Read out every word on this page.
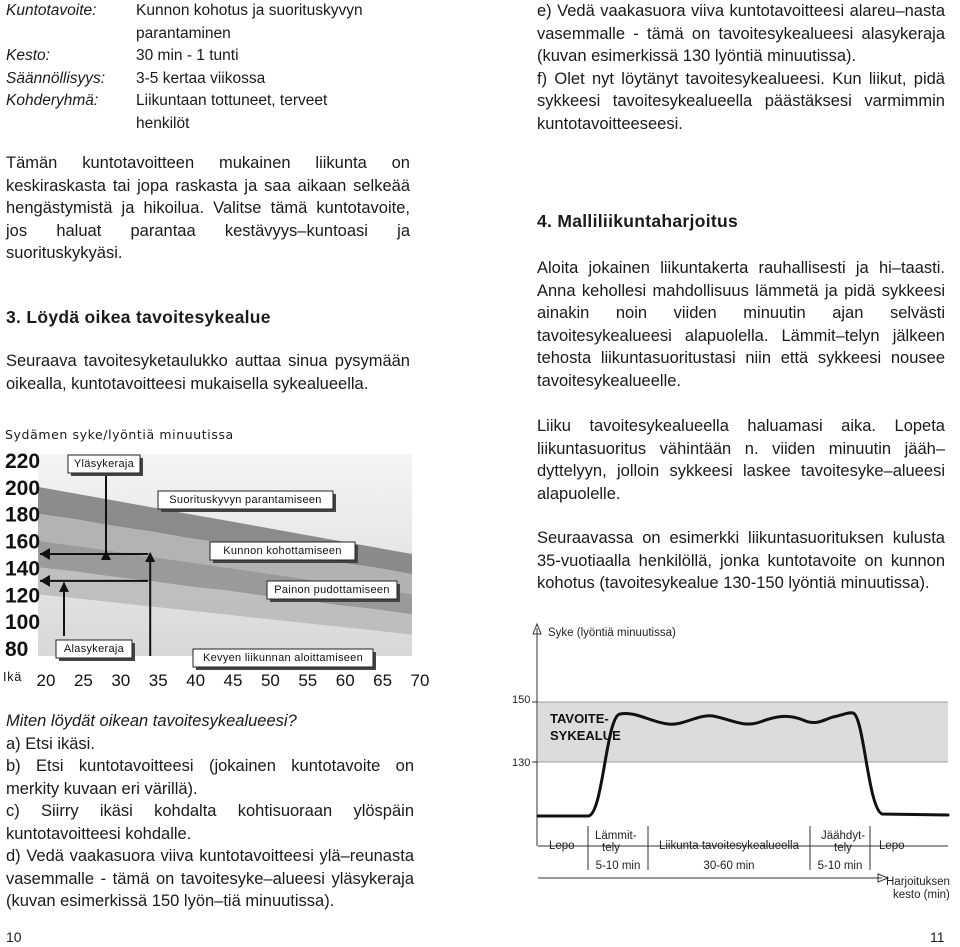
Kuntotavoite:	Kunnon kohotus ja suorituskyvyn
parantaminen
Kesto:	30 min - 1 tunti
Säännöllisyys: 3-5 kertaa viikossa
Kohderyhmä: Liikuntaan tottuneet, terveet
henkilöt

Tämän kuntotavoitteen mukainen liikunta on keskiraskasta tai jopa raskasta ja saa aikaan selkeää hengästymistä ja hikoilua. Valitse tämä kuntotavoite, jos haluat parantaa kestävyys–kuntoasi ja suorituskykyäsi.

3. Löydä oikea tavoitesykealue

Seuraava tavoitesyketaulukko auttaa sinua pysymään oikealla, kuntotavoitteesi mukaisella sykealueella.

Sydämen syke/lyöntiä minuutissa
220
200
180
160
140
120
100
80
Ikä 20 25 30 35 40 45 50 55 60 65 70
Yläsykeraja
Suorituskyvyn parantamiseen
Kunnon kohottamiseen
Painon pudottamiseen
Alasykeraja
Kevyen liikunnan aloittamiseen

Miten löydät oikean tavoitesykealueesi?

a) Etsi ikäsi.

b) Etsi kuntotavoitteesi (jokainen kuntotavoite on merkity kuvaan eri värillä).

c) Siirry ikäsi kohdalta kohtisuoraan ylöspäin kuntotavoitteesi kohdalle.

d) Vedä vaakasuora viiva kuntotavoitteesi ylä–reunasta vasemmalle - tämä on tavoitesyke–alueesi yläsykeraja (kuvan esimerkissä 150 lyön–tiä minuutissa).

10

e) Vedä vaakasuora viiva kuntotavoitteesi alareu–nasta vasemmalle - tämä on tavoitesykealueesi alasykeraja (kuvan esimerkissä 130 lyöntiä minuutissa).

f) Olet nyt löytänyt tavoitesykealueesi. Kun liikut, pidä sykkeesi tavoitesykealueella päästäksesi varmimmin kuntotavoitteeseesi.

4. Malliliikuntaharjoitus

Aloita jokainen liikuntakerta rauhallisesti ja hi–taasti. Anna kehollesi mahdollisuus lämmetä ja pidä sykkeesi ainakin noin viiden minuutin ajan selvästi tavoitesykealueesi alapuolella. Lämmit–telyn jälkeen tehosta liikuntasuoritustasi niin että sykkeesi nousee tavoitesykealueelle.

Liiku tavoitesykealueella haluamasi aika. Lopeta liikuntasuoritus vähintään n. viiden minuutin jääh–dyttelyyn, jolloin sykkeesi laskee tavoitesyke–alueesi alapuolelle.

Seuraavassa on esimerkki liikuntasuorituksen kulusta 35-vuotiaalla henkilöllä, jonka kuntotavoite on kunnon kohotus (tavoitesykealue 130-150 lyöntiä minuutissa).

Syke (lyöntiä minuutissa)
TAVOITE-
SYKEALUE
150
130
Lepo
Lämmit-
tely	Liikunta tavoitesykealueella
Jäähdyt-
tely Lepo
5-10 min	30-60 min	5-10 min
Harjoituksen
kesto (min)
11
